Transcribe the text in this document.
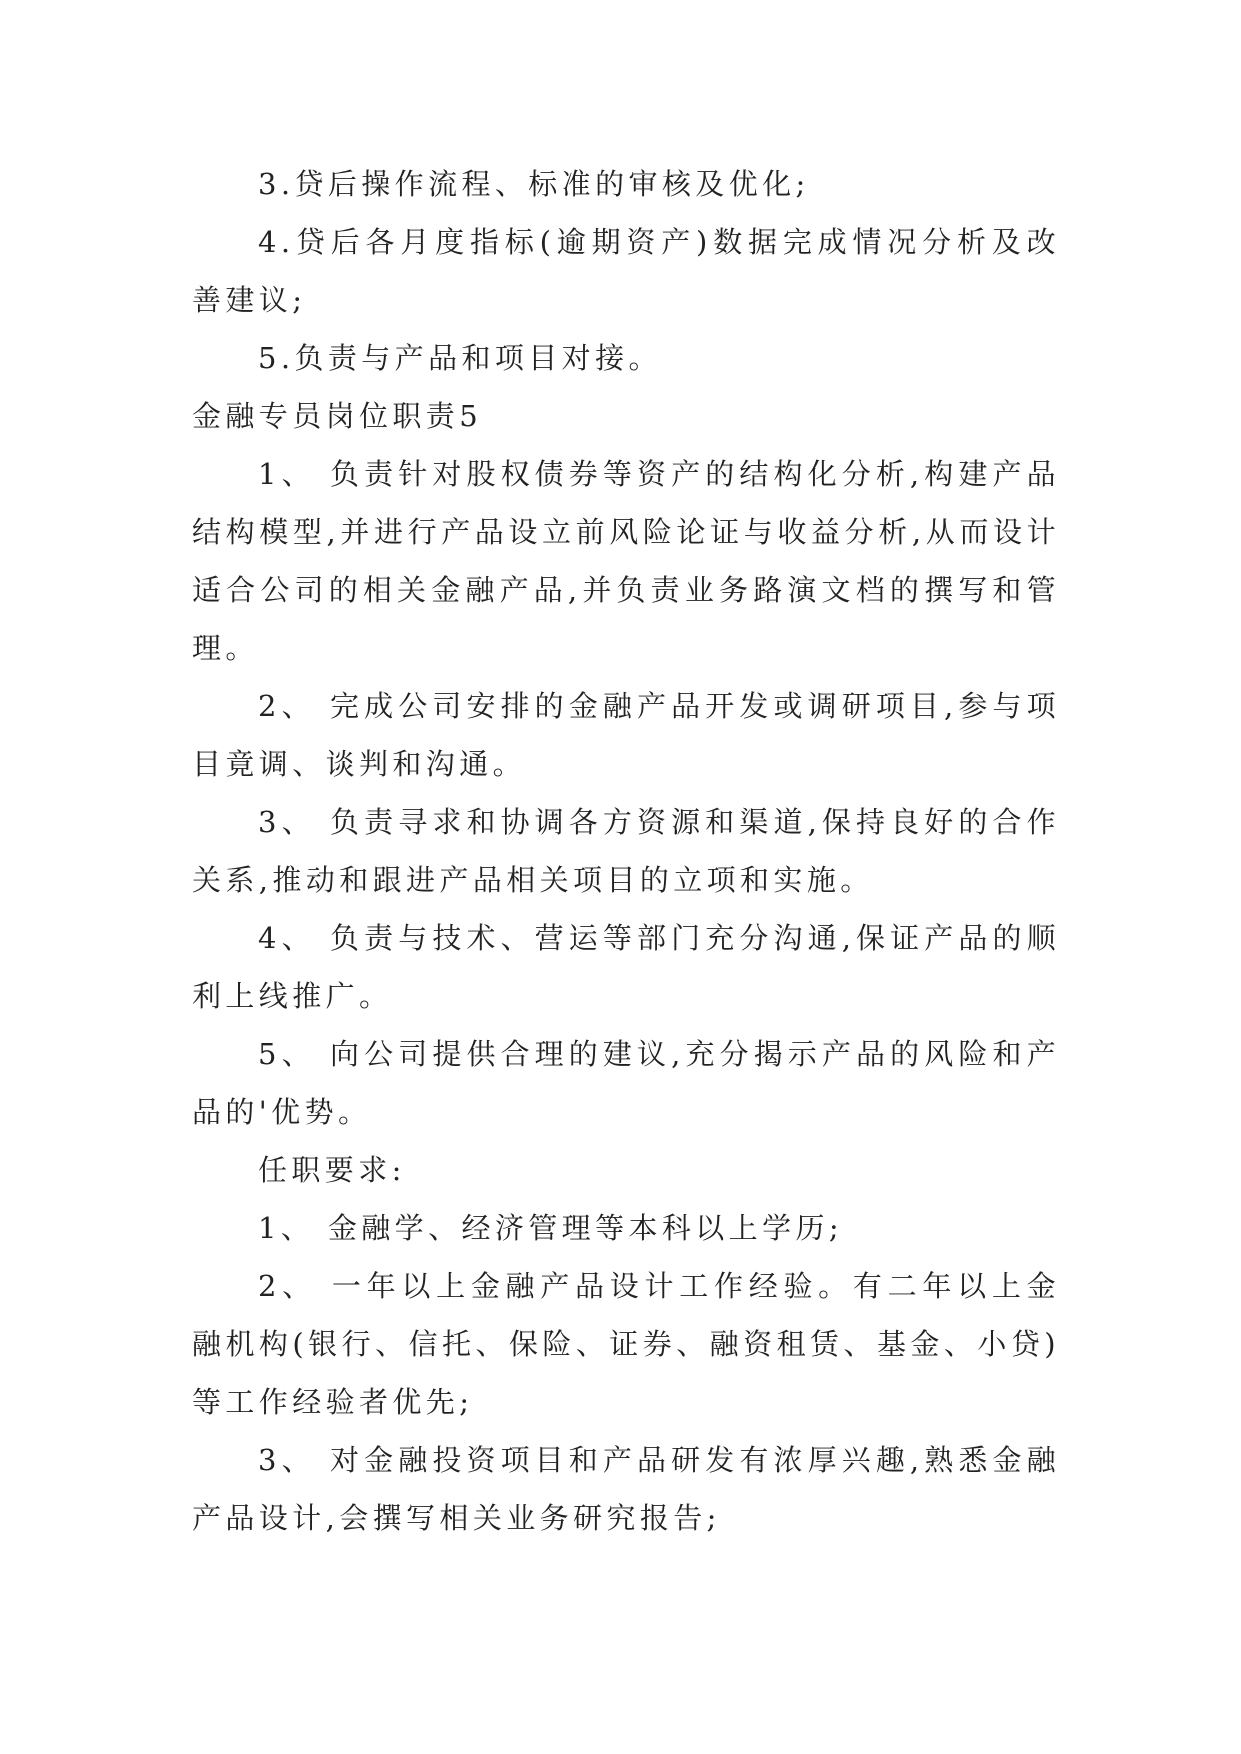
3.贷后操作流程、标准的审核及优化;

4.贷后各月度指标(逾期资产)数据完成情况分析及改善建议;

5.负责与产品和项目对接。

金融专员岗位职责5

1、 负责针对股权债券等资产的结构化分析,构建产品结构模型,并进行产品设立前风险论证与收益分析,从而设计适合公司的相关金融产品,并负责业务路演文档的撰写和管理。

2、 完成公司安排的金融产品开发或调研项目,参与项目竟调、谈判和沟通。

3、 负责寻求和协调各方资源和渠道,保持良好的合作关系,推动和跟进产品相关项目的立项和实施。

4、 负责与技术、营运等部门充分沟通,保证产品的顺利上线推广。

5、 向公司提供合理的建议,充分揭示产品的风险和产品的'优势。

任职要求:

1、 金融学、经济管理等本科以上学历;

2、 一年以上金融产品设计工作经验。有二年以上金融机构(银行、信托、保险、证券、融资租赁、基金、小贷)等工作经验者优先;

3、 对金融投资项目和产品研发有浓厚兴趣,熟悉金融产品设计,会撰写相关业务研究报告;
